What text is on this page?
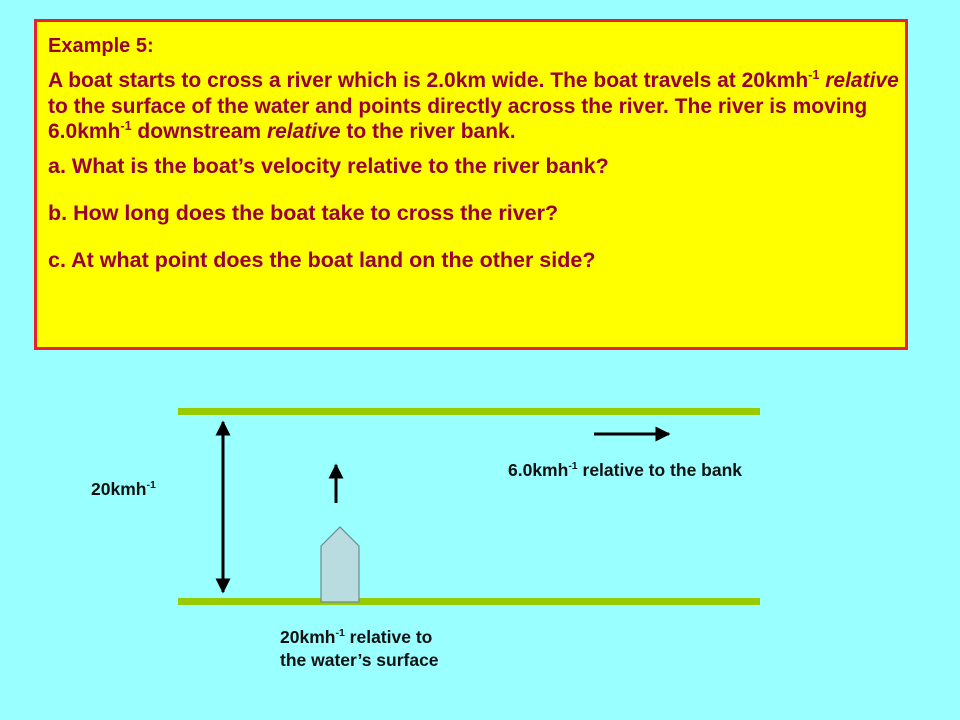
Example 5:
A boat starts to cross a river which is 2.0km wide. The boat travels at 20kmh$^{-1}$ relative to the surface of the water and points directly across the river. The river is moving 6.0kmh$^{-1}$ downstream relative to the river bank.
a. What is the boat’s velocity relative to the river bank?
b. How long does the boat take to cross the river?
c. At what point does the boat land on the other side?
20kmh$^{-1}$
6.0kmh$^{-1}$ relative to the bank
20kmh$^{-1}$ relative to
the water’s surface
